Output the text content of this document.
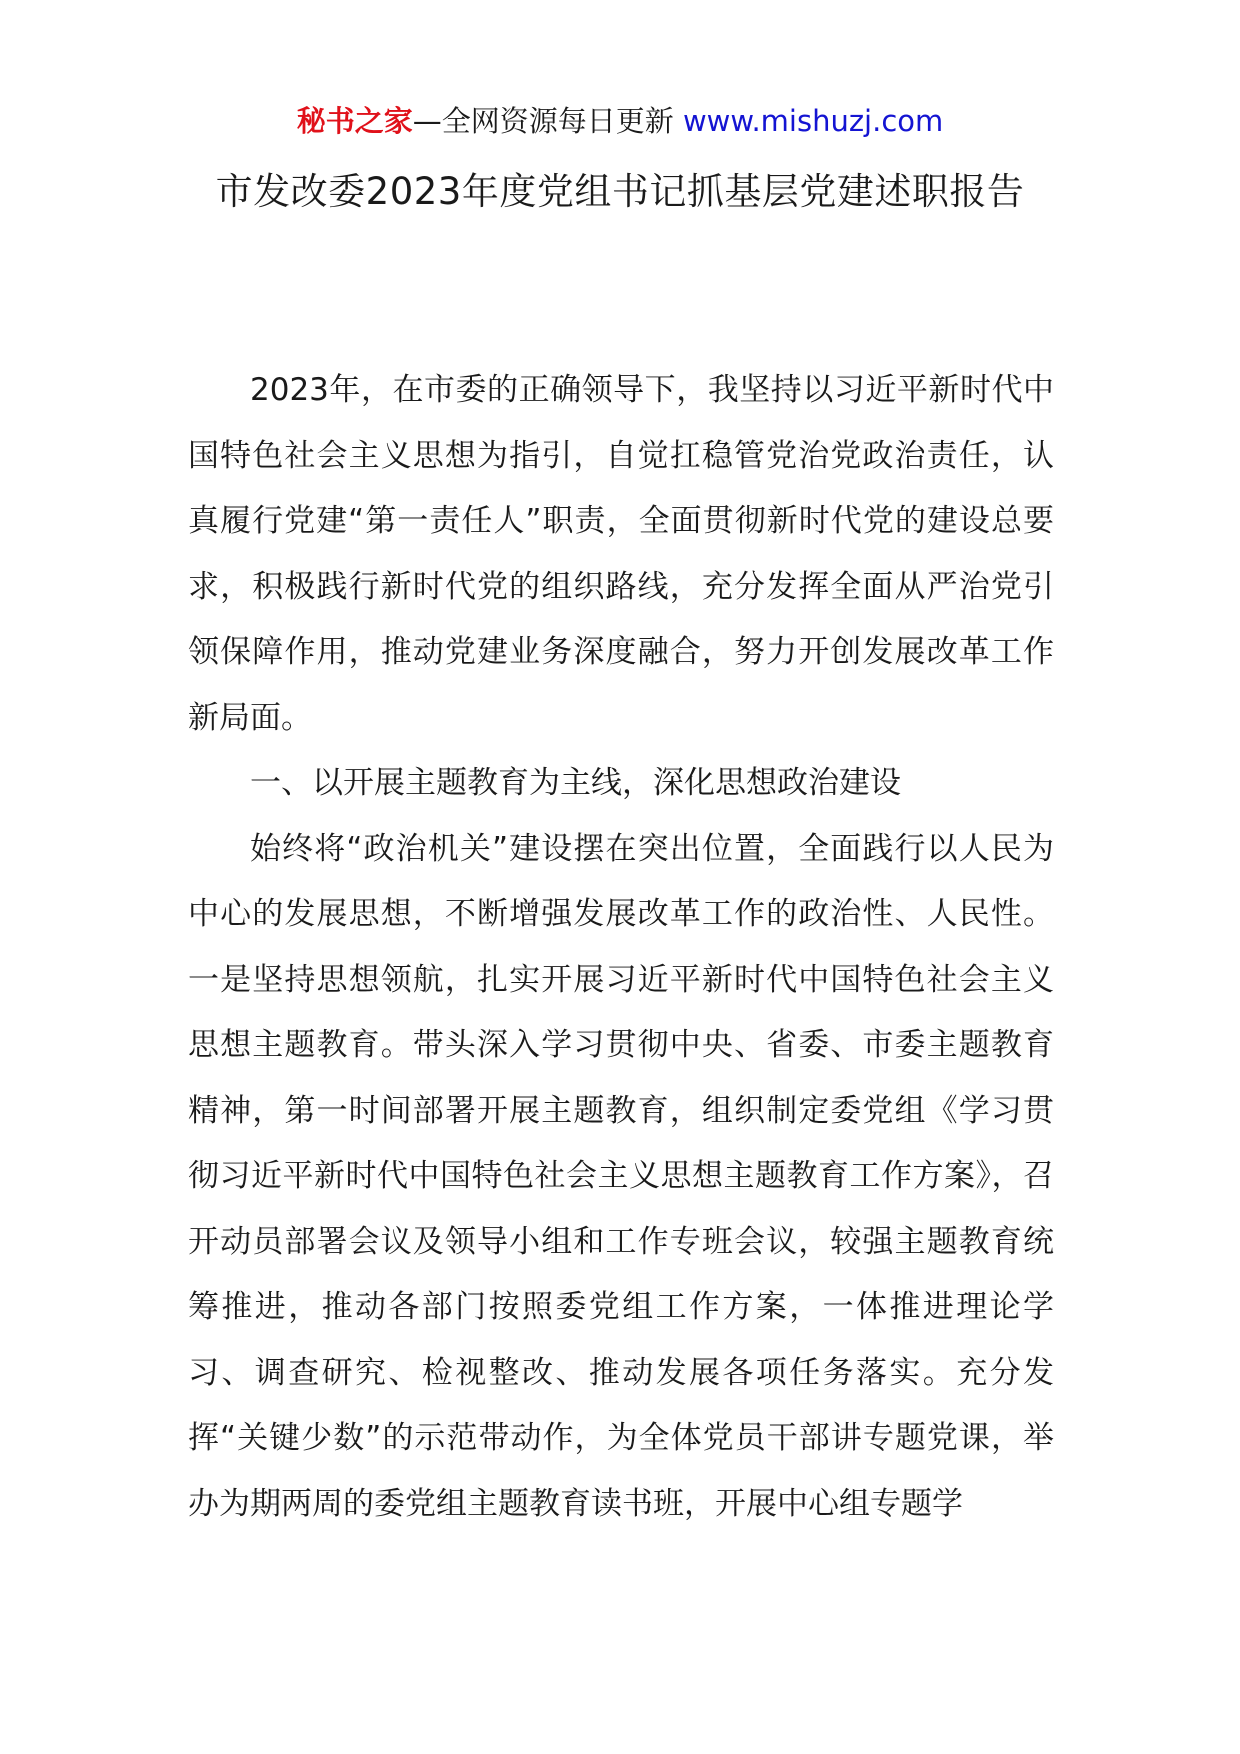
秘书之家—全网资源每日更新 www.mishuzj.com
市发改委2023年度党组书记抓基层党建述职报告

2023年，在市委的正确领导下，我坚持以习近平新时代中国特色社会主义思想为指引，自觉扛稳管党治党政治责任，认真履行党建“第一责任人”职责，全面贯彻新时代党的建设总要求，积极践行新时代党的组织路线，充分发挥全面从严治党引领保障作用，推动党建业务深度融合，努力开创发展改革工作新局面。

一、以开展主题教育为主线，深化思想政治建设

始终将“政治机关”建设摆在突出位置，全面践行以人民为中心的发展思想，不断增强发展改革工作的政治性、人民性。一是坚持思想领航，扎实开展习近平新时代中国特色社会主义思想主题教育。带头深入学习贯彻中央、省委、市委主题教育精神，第一时间部署开展主题教育，组织制定委党组《学习贯彻习近平新时代中国特色社会主义思想主题教育工作方案》，召开动员部署会议及领导小组和工作专班会议，较强主题教育统筹推进，推动各部门按照委党组工作方案，一体推进理论学习、调查研究、检视整改、推动发展各项任务落实。充分发挥“关键少数”的示范带动作，为全体党员干部讲专题党课，举办为期两周的委党组主题教育读书班，开展中心组专题学
